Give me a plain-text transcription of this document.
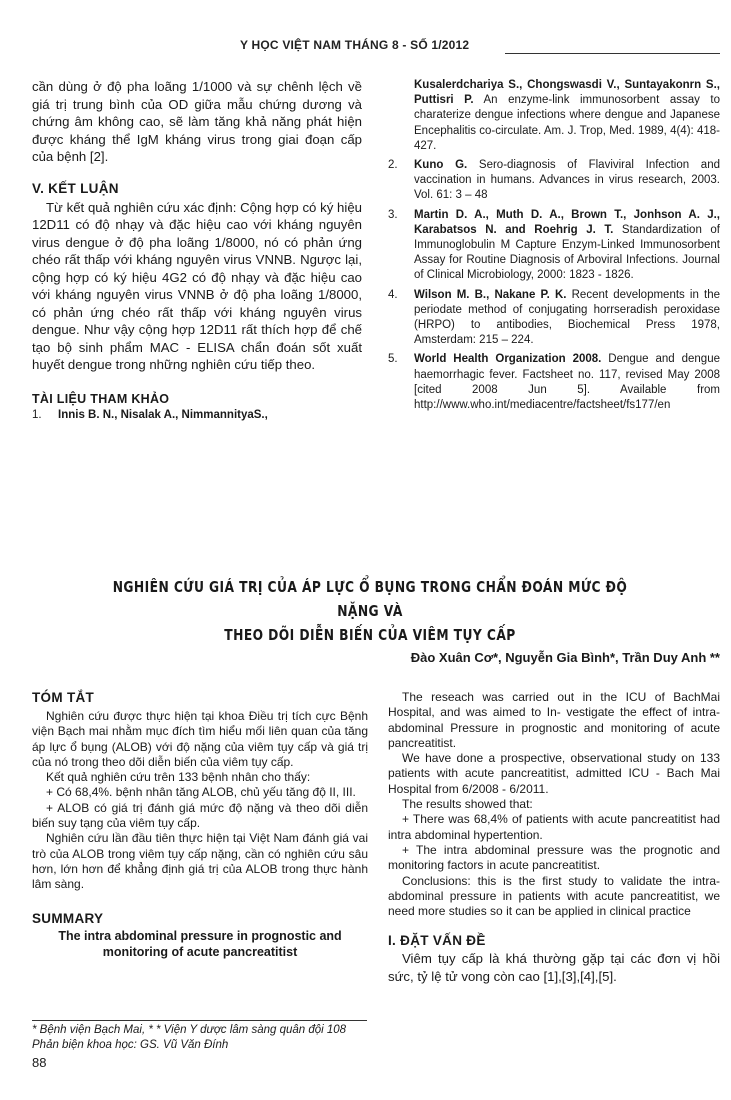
Y HỌC VIỆT NAM THÁNG 8 - SỐ 1/2012

cần dùng ở độ pha loãng 1/1000 và sự chênh lệch về giá trị trung bình của OD giữa mẫu chứng dương và chứng âm không cao, sẽ làm tăng khả năng phát hiện được kháng thể IgM kháng virus trong giai đoạn cấp của bệnh [2].

V. KẾT LUẬN

Từ kết quả nghiên cứu xác định: Cộng hợp có ký hiệu 12D11 có độ nhạy và đặc hiệu cao với kháng nguyên virus dengue ở độ pha loãng 1/8000, nó có phản ứng chéo rất thấp với kháng nguyên virus VNNB. Ngược lại, cộng hợp có ký hiệu 4G2 có độ nhạy và đặc hiệu cao với kháng nguyên virus VNNB ở độ pha loãng 1/8000, có phản ứng chéo rất thấp với kháng nguyên virus dengue. Như vậy cộng hợp 12D11 rất thích hợp để chế tạo bộ sinh phẩm MAC - ELISA chẩn đoán sốt xuất huyết dengue trong những nghiên cứu tiếp theo.

TÀI LIỆU THAM KHẢO
1. Innis B. N., Nisalak A., NimmannityaS.,
Kusalerdchariya S., Chongswasdi V., Suntayakonrn S., Puttisri P. An enzyme-link immunosorbent assay to charaterize dengue infections where dengue and Japanese Encephalitis co-circulate. Am. J. Trop, Med. 1989, 4(4): 418-427.
2. Kuno G. Sero-diagnosis of Flaviviral Infection and vaccination in humans. Advances in virus research, 2003. Vol. 61: 3 – 48
3. Martin D. A., Muth D. A., Brown T., Jonhson A. J., Karabatsos N. and Roehrig J. T. Standardization of Immunoglobulin M Capture Enzym-Linked Immunosorbent Assay for Routine Diagnosis of Arboviral Infections. Journal of Clinical Microbiology, 2000: 1823 - 1826.
4. Wilson M. B., Nakane P. K. Recent developments in the periodate method of conjugating horrseradish peroxidase (HRPO) to antibodies, Biochemical Press 1978, Amsterdam: 215 – 224.
5. World Health Organization 2008. Dengue and dengue haemorrhagic fever. Factsheet no. 117, revised May 2008 [cited 2008 Jun 5]. Available from http://www.who.int/mediacentre/factsheet/fs177/en
NGHIÊN CỨU GIÁ TRỊ CỦA ÁP LỰC Ổ BỤNG TRONG CHẨN ĐOÁN MỨC ĐỘ NẶNG VÀ
THEO DÕI DIỄN BIẾN CỦA VIÊM TỤY CẤP
Đào Xuân Cơ*, Nguyễn Gia Bình*, Trần Duy Anh **
TÓM TẮT

Nghiên cứu được thực hiện tại khoa Điều trị tích cực Bệnh viện Bạch mai nhằm mục đích tìm hiểu mối liên quan của tăng áp lực ổ bụng (ALOB) với độ nặng của viêm tụy cấp và giá trị của nó trong theo dõi diễn biến của viêm tụy cấp.

Kết quả nghiên cứu trên 133 bệnh nhân cho thấy:

+ Có 68,4%. bệnh nhân tăng ALOB, chủ yếu tăng độ II, III.

+ ALOB có giá trị đánh giá mức độ nặng và theo dõi diễn biến suy tạng của viêm tụy cấp.

Nghiên cứu lần đầu tiên thực hiện tại Việt Nam đánh giá vai trò của ALOB trong viêm tụy cấp nặng, cần có nghiên cứu sâu hơn, lớn hơn để khẳng định giá trị của ALOB trong thực hành lâm sàng.

SUMMARY

The intra abdominal pressure in prognostic and monitoring of acute pancreatitist

The reseach was carried out in the ICU of BachMai Hospital, and was aimed to In- vestigate the effect of intra-abdominal Pressure in prognostic and monitoring of acute pancreatitist.

We have done a prospective, observational study on 133 patients with acute pancreatitist, admitted ICU - Bach Mai Hospital from 6/2008 - 6/2011.

The results showed that:

+ There was 68,4% of patients with acute pancreatitist had intra abdominal hypertention.

+ The intra abdominal pressure was the prognotic and monitoring factors in acute pancreatitist.

Conclusions: this is the first study to validate the intra-abdominal pressure in patients with acute pancreatitist, we need more studies so it can be applied in clinical practice

I. ĐẶT VẤN ĐỀ

Viêm tụy cấp là khá thường gặp tại các đơn vị hồi sức, tỷ lệ tử vong còn cao [1],[3],[4],[5].

* Bệnh viện Bạch Mai, * * Viện Y dược lâm sàng quân đội 108
Phản biện khoa học: GS. Vũ Văn Đính
88
